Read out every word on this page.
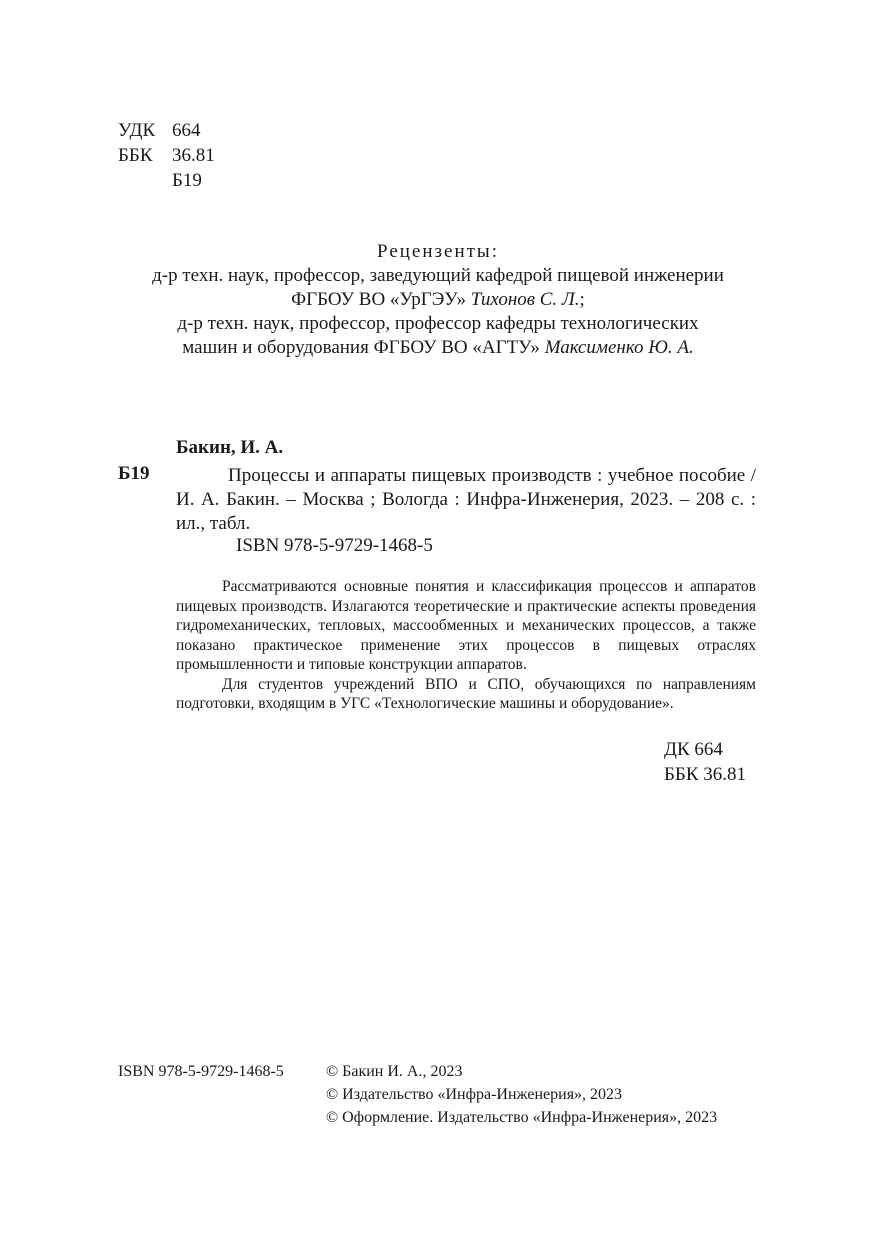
УДК 664
ББК 36.81
Б19
Рецензенты:
д-р техн. наук, профессор, заведующий кафедрой пищевой инженерии
ФГБОУ ВО «УрГЭУ» Тихонов С. Л.;
д-р техн. наук, профессор, профессор кафедры технологических
машин и оборудования ФГБОУ ВО «АГТУ» Максименко Ю. А.
Бакин, И. А.
Б19	Процессы и аппараты пищевых производств : учебное пособие / И. А. Бакин. – Москва ; Вологда : Инфра-Инженерия, 2023. – 208 с. : ил., табл.
ISBN 978-5-9729-1468-5

Рассматриваются основные понятия и классификация процессов и аппаратов пищевых производств. Излагаются теоретические и практические аспекты проведения гидромеханических, тепловых, массообменных и механических процессов, а также показано практическое применение этих процессов в пищевых отраслях промышленности и типовые конструкции аппаратов.

Для студентов учреждений ВПО и СПО, обучающихся по направлениям подготовки, входящим в УГС «Технологические машины и оборудование».

ДК 664
ББК 36.81
ISBN 978-5-9729-1468-5	© Бакин И. А., 2023
© Издательство «Инфра-Инженерия», 2023
© Оформление. Издательство «Инфра-Инженерия», 2023
